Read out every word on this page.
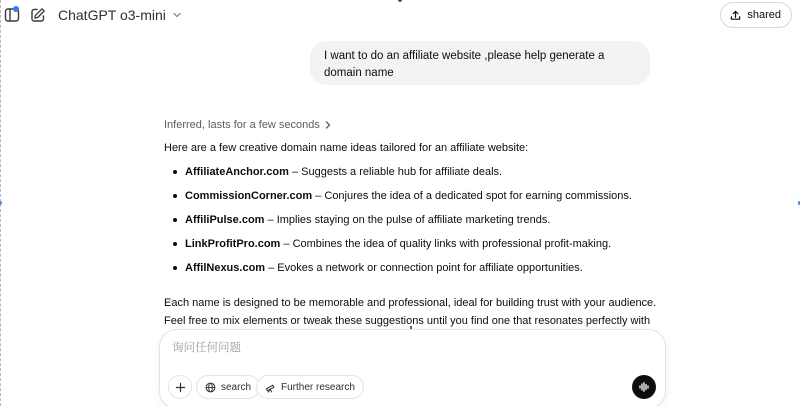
ChatGPT o3-mini	shared
I want to do an affiliate website ,please help generate a domain name
Inferred, lasts for a few seconds

Here are a few creative domain name ideas tailored for an affiliate website:

AffiliateAnchor.com – Suggests a reliable hub for affiliate deals.
CommissionCorner.com – Conjures the idea of a dedicated spot for earning commissions.
AffiliPulse.com – Implies staying on the pulse of affiliate marketing trends.
LinkProfitPro.com – Combines the idea of quality links with professional profit-making.
AffilNexus.com – Evokes a network or connection point for affiliate opportunities.

Each name is designed to be memorable and professional, ideal for building trust with your audience. Feel free to mix elements or tweak these suggestions until you find one that resonates perfectly with

询问任何问题
search	Further research
